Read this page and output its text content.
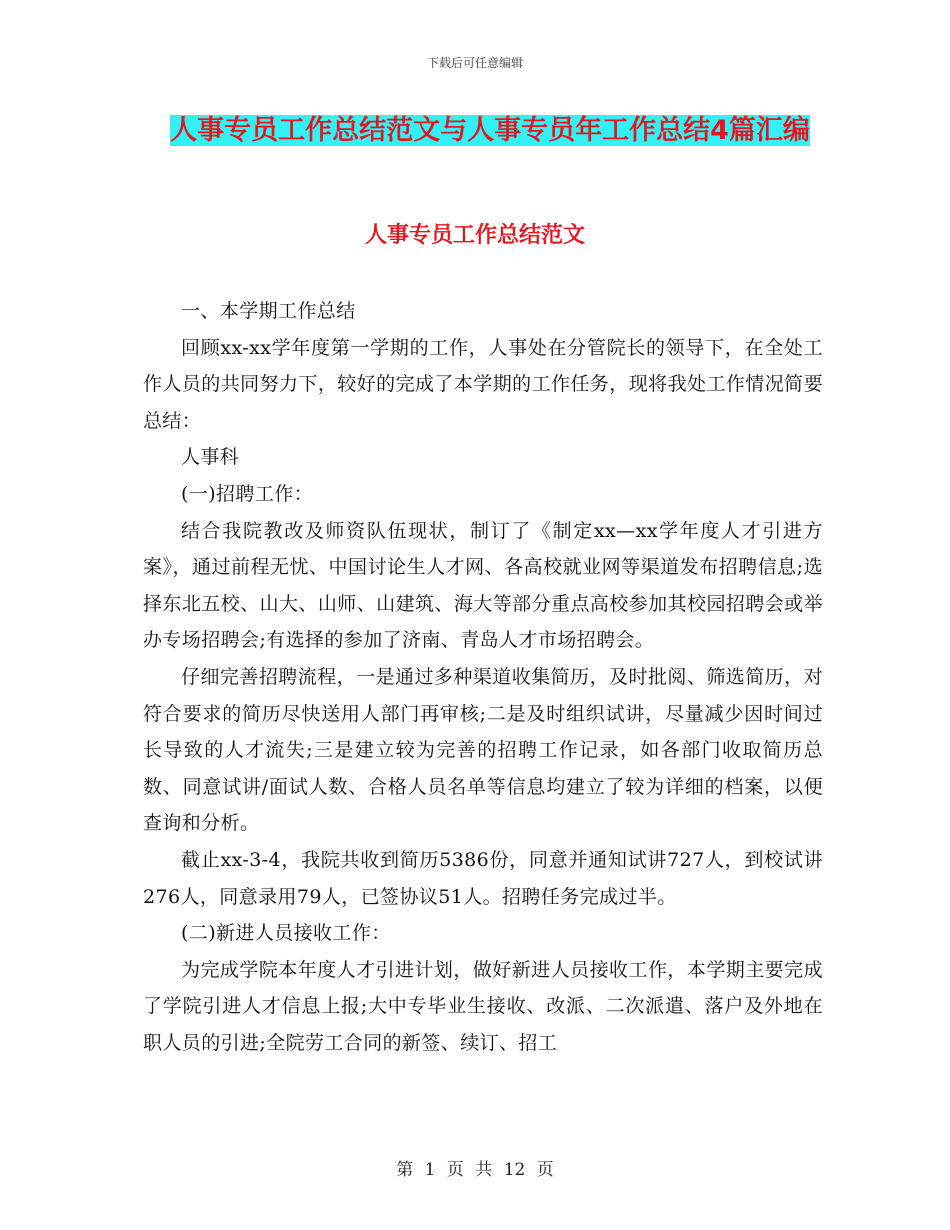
下载后可任意编辑
人事专员工作总结范文与人事专员年工作总结4篇汇编
人事专员工作总结范文

一、本学期工作总结

回顾xx-xx学年度第一学期的工作，人事处在分管院长的领导下，在全处工作人员的共同努力下，较好的完成了本学期的工作任务，现将我处工作情况简要总结：

人事科

(一)招聘工作：

结合我院教改及师资队伍现状，制订了《制定xx—xx学年度人才引进方案》，通过前程无忧、中国讨论生人才网、各高校就业网等渠道发布招聘信息;选择东北五校、山大、山师、山建筑、海大等部分重点高校参加其校园招聘会或举办专场招聘会;有选择的参加了济南、青岛人才市场招聘会。

仔细完善招聘流程，一是通过多种渠道收集简历，及时批阅、筛选简历，对符合要求的简历尽快送用人部门再审核;二是及时组织试讲，尽量减少因时间过长导致的人才流失;三是建立较为完善的招聘工作记录，如各部门收取简历总数、同意试讲/面试人数、合格人员名单等信息均建立了较为详细的档案，以便查询和分析。

截止xx-3-4，我院共收到简历5386份，同意并通知试讲727人，到校试讲276人，同意录用79人，已签协议51人。招聘任务完成过半。

(二)新进人员接收工作：

为完成学院本年度人才引进计划，做好新进人员接收工作，本学期主要完成了学院引进人才信息上报;大中专毕业生接收、改派、二次派遣、落户及外地在职人员的引进;全院劳工合同的新签、续订、招工

第 1 页 共 12 页
